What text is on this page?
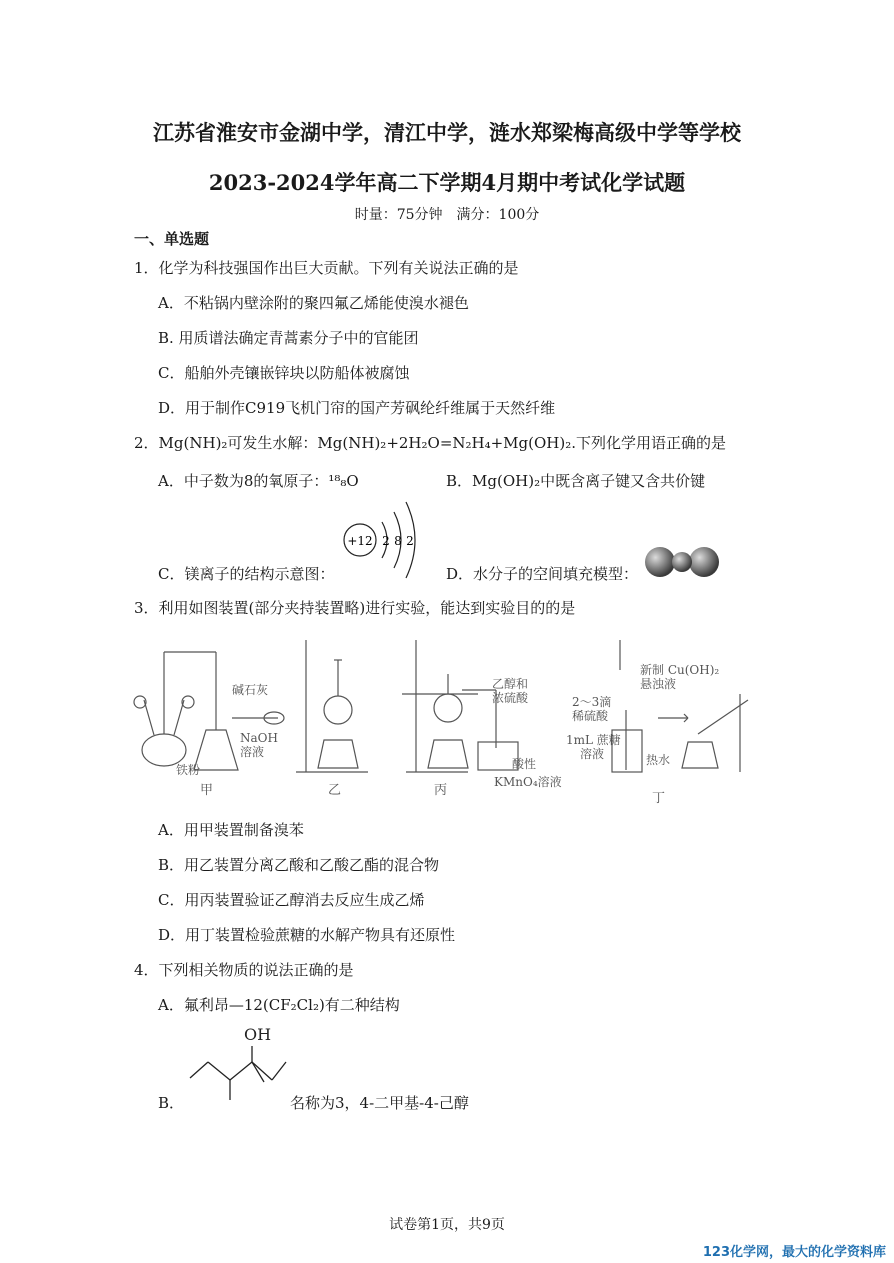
江苏省淮安市金湖中学，清江中学，涟水郑梁梅高级中学等学校
2023-2024学年高二下学期4月期中考试化学试题
时量：75分钟　满分：100分
一、单选题
1．化学为科技强国作出巨大贡献。下列有关说法正确的是
A．不粘锅内壁涂附的聚四氟乙烯能使溴水褪色
B. 用质谱法确定青蒿素分子中的官能团
C．船舶外壳镶嵌锌块以防船体被腐蚀
D．用于制作C919飞机门帘的国产芳砜纶纤维属于天然纤维
2．Mg(NH)₂可发生水解：Mg(NH)₂+2H₂O=N₂H₄+Mg(OH)₂.下列化学用语正确的是
A．中子数为8的氧原子：¹⁸₈O	B．Mg(OH)₂中既含离子键又含共价键
C．镁离子的结构示意图：	D．水分子的空间填充模型：
+12 2 8 2
3．利用如图装置(部分夹持装置略)进行实验，能达到实验目的的是
碱石灰
NaOH
溶液
铁粉
乙醇和
浓硫酸
酸性
KMnO₄溶液
2～3滴
稀硫酸
新制 Cu(OH)₂
悬浊液
1mL 蔗糖
溶液	热水
甲	乙	丙
丁
A．用甲装置制备溴苯
B．用乙装置分离乙酸和乙酸乙酯的混合物
C．用丙装置验证乙醇消去反应生成乙烯
D．用丁装置检验蔗糖的水解产物具有还原性
4．下列相关物质的说法正确的是
A．氟利昂—12(CF₂Cl₂)有二种结构
B．
OH
名称为3，4-二甲基-4-己醇
试卷第1页，共9页
123化学网，最大的化学资料库
